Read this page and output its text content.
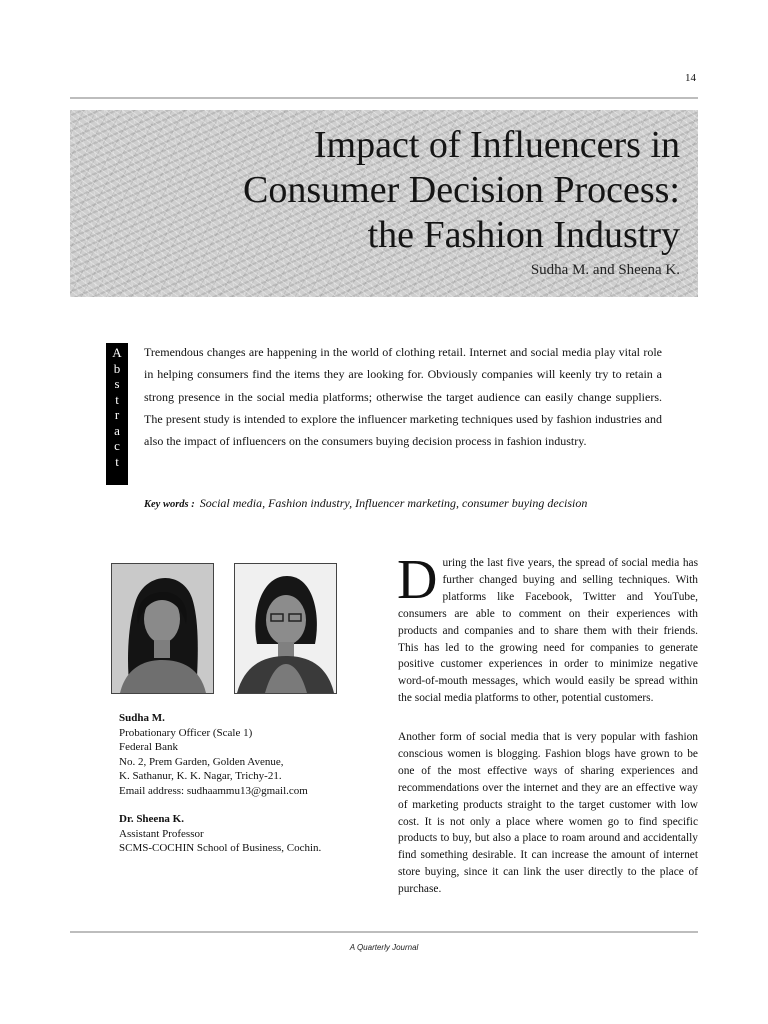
14
Impact of Influencers in
Consumer Decision Process:
the Fashion Industry
Sudha M. and Sheena K.
A
b
s
t
r
a
c
t

Tremendous changes are happening in the world of clothing retail. Internet and social media play vital role in helping consumers find the items they are looking for. Obviously companies will keenly try to retain a strong presence in the social media platforms; otherwise the target audience can easily change suppliers. The present study is intended to explore the influencer marketing techniques used by fashion industries and also the impact of influencers on the consumers buying decision process in fashion industry.

Key words : Social media, Fashion industry, Influencer marketing, consumer buying decision
Sudha M.
Probationary Officer (Scale 1)
Federal Bank
No. 2, Prem Garden, Golden Avenue,
K. Sathanur, K. K. Nagar, Trichy-21.
Email address: sudhaammu13@gmail.com
Dr. Sheena K.
Assistant Professor
SCMS-COCHIN School of Business, Cochin.

During the last five years, the spread of social media has further changed buying and selling techniques. With platforms like Facebook, Twitter and YouTube, consumers are able to comment on their experiences with products and companies and to share them with their friends. This has led to the growing need for companies to generate positive customer experiences in order to minimize negative word-of-mouth messages, which would easily be spread within the social media platforms to other, potential customers.

Another form of social media that is very popular with fashion conscious women is blogging. Fashion blogs have grown to be one of the most effective ways of sharing experiences and recommendations over the internet and they are an effective way of marketing products straight to the target customer with low cost. It is not only a place where women go to find specific products to buy, but also a place to roam around and accidentally find something desirable. It can increase the amount of internet store buying, since it can link the user directly to the place of purchase.

A Quarterly Journal
